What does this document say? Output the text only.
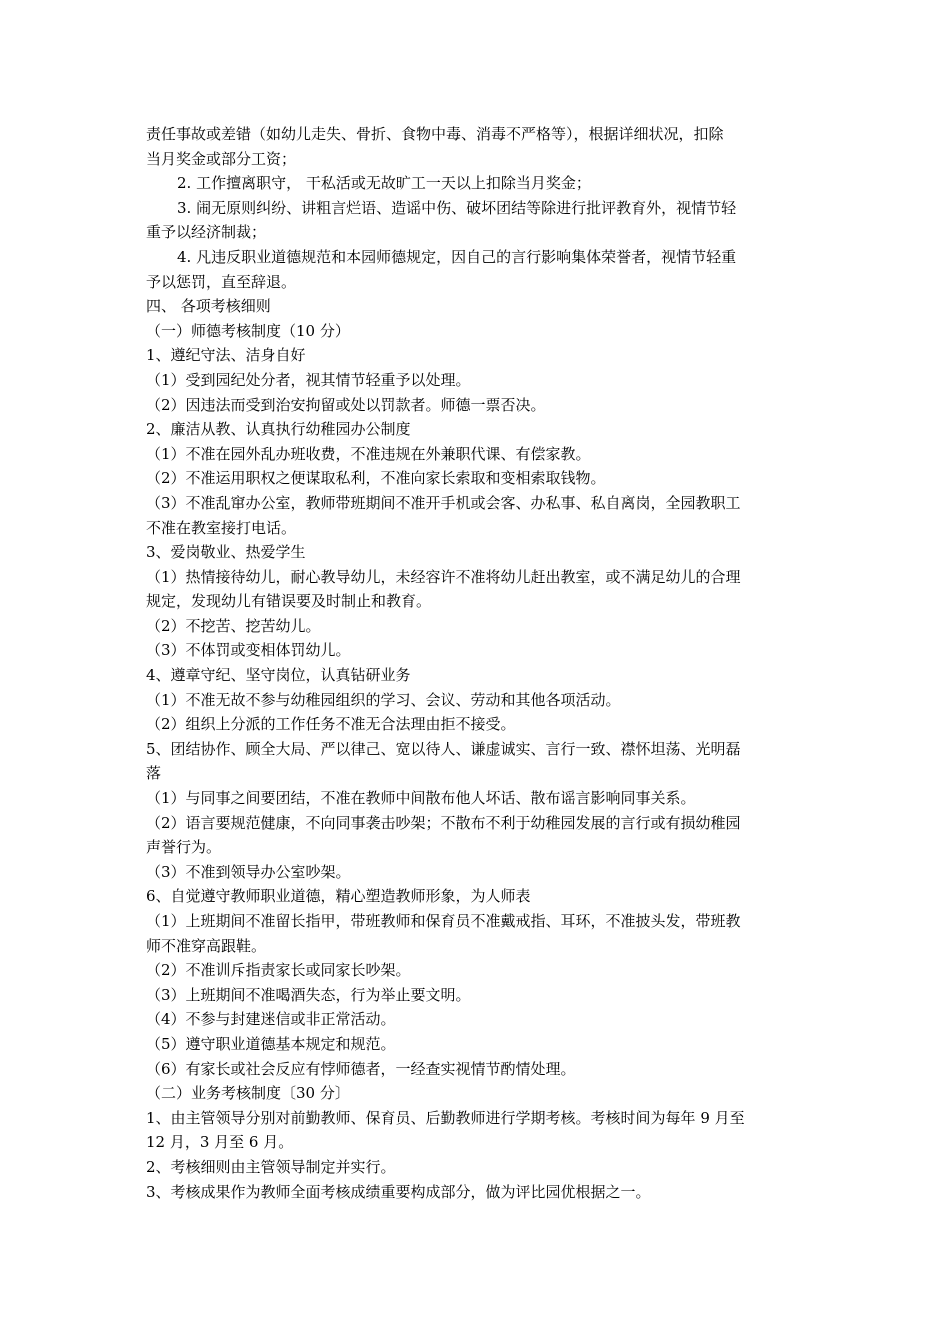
责任事故或差错（如幼儿走失、骨折、食物中毒、消毒不严格等），根据详细状况，扣除
当月奖金或部分工资；
2. 工作擅离职守， 干私活或无故旷工一天以上扣除当月奖金；
3. 闹无原则纠纷、讲粗言烂语、造谣中伤、破坏团结等除进行批评教育外，视情节轻
重予以经济制裁；
4. 凡违反职业道德规范和本园师德规定，因自己的言行影响集体荣誉者，视情节轻重
予以惩罚，直至辞退。
四、 各项考核细则
（一）师德考核制度（10 分）
1、遵纪守法、洁身自好
（1）受到园纪处分者，视其情节轻重予以处理。
（2）因违法而受到治安拘留或处以罚款者。师德一票否决。
2、廉洁从教、认真执行幼稚园办公制度
（1）不准在园外乱办班收费，不准违规在外兼职代课、有偿家教。
（2）不准运用职权之便谋取私利，不准向家长索取和变相索取钱物。
（3）不准乱窜办公室，教师带班期间不准开手机或会客、办私事、私自离岗，全园教职工
不准在教室接打电话。
3、爱岗敬业、热爱学生
（1）热情接待幼儿，耐心教导幼儿，未经容许不准将幼儿赶出教室，或不满足幼儿的合理
规定，发现幼儿有错误要及时制止和教育。
（2）不挖苦、挖苦幼儿。
（3）不体罚或变相体罚幼儿。
4、遵章守纪、坚守岗位，认真钻研业务
（1）不准无故不参与幼稚园组织的学习、会议、劳动和其他各项活动。
（2）组织上分派的工作任务不准无合法理由拒不接受。
5、团结协作、顾全大局、严以律己、宽以待人、谦虚诚实、言行一致、襟怀坦荡、光明磊
落
（1）与同事之间要团结，不准在教师中间散布他人坏话、散布谣言影响同事关系。
（2）语言要规范健康，不向同事袭击吵架；不散布不利于幼稚园发展的言行或有损幼稚园
声誉行为。
（3）不准到领导办公室吵架。
6、自觉遵守教师职业道德，精心塑造教师形象，为人师表
（1）上班期间不准留长指甲，带班教师和保育员不准戴戒指、耳环，不准披头发，带班教
师不准穿高跟鞋。
（2）不准训斥指责家长或同家长吵架。
（3）上班期间不准喝酒失态，行为举止要文明。
（4）不参与封建迷信或非正常活动。
（5）遵守职业道德基本规定和规范。
（6）有家长或社会反应有悖师德者，一经查实视情节酌情处理。
（二）业务考核制度〔30 分〕
1、由主管领导分别对前勤教师、保育员、后勤教师进行学期考核。考核时间为每年 9 月至
12 月，3 月至 6 月。
2、考核细则由主管领导制定并实行。
3、考核成果作为教师全面考核成绩重要构成部分，做为评比园优根据之一。
